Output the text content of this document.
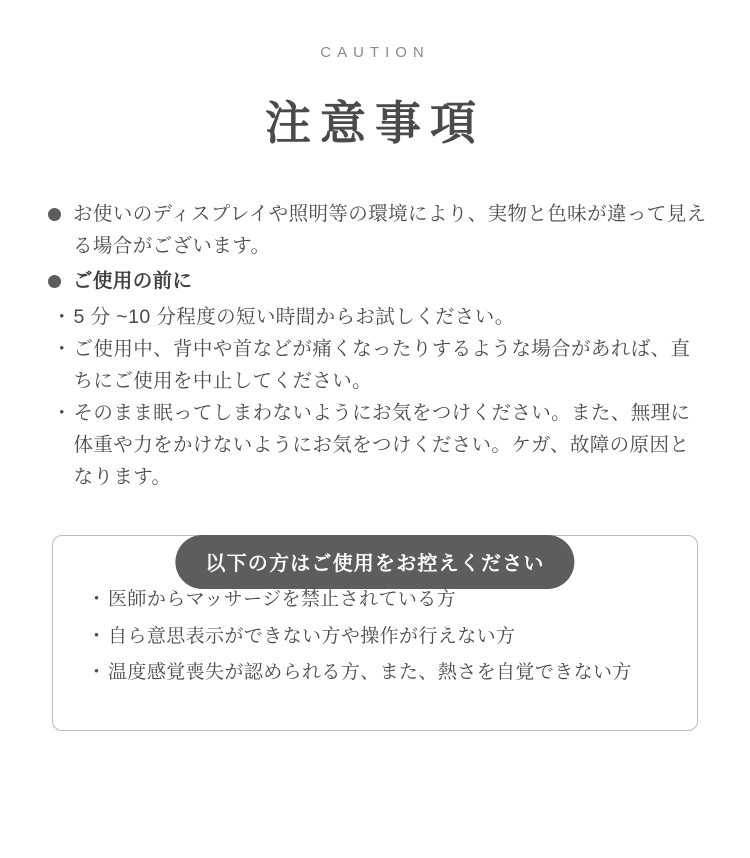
CAUTION
注意事項
お使いのディスプレイや照明等の環境により、実物と色味が違って見える場合がございます。
ご使用の前に
・ 5 分 ~10 分程度の短い時間からお試しください。
・ ご使用中、背中や首などが痛くなったりするような場合があれば、直ちにご使用を中止してください。
・ そのまま眠ってしまわないようにお気をつけください。また、無理に体重や力をかけないようにお気をつけください。ケガ、故障の原因となります。
以下の方はご使用をお控えください
・ 医師からマッサージを禁止されている方
・ 自ら意思表示ができない方や操作が行えない方
・ 温度感覚喪失が認められる方、また、熱さを自覚できない方
